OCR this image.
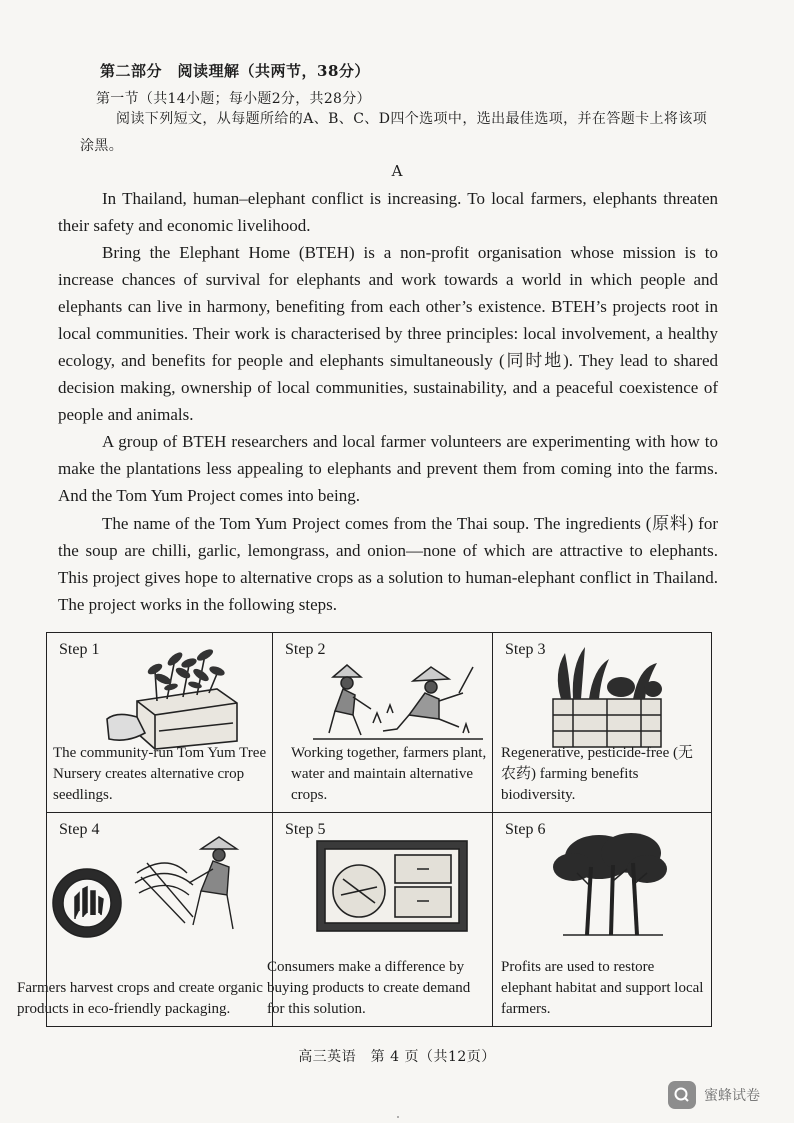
第二部分　阅读理解（共两节，38分）
第一节（共14小题；每小题2分，共28分）
阅读下列短文，从每题所给的A、B、C、D四个选项中，选出最佳选项，并在答题卡上将该项涂黑。
A
In Thailand, human–elephant conflict is increasing. To local farmers, elephants threaten their safety and economic livelihood.
Bring the Elephant Home (BTEH) is a non-profit organisation whose mission is to increase chances of survival for elephants and work towards a world in which people and elephants can live in harmony, benefiting from each other’s existence. BTEH’s projects root in local communities. Their work is characterised by three principles: local involvement, a healthy ecology, and benefits for people and elephants simultaneously (同时地). They lead to shared decision making, ownership of local communities, sustainability, and a peaceful coexistence of people and animals.
A group of BTEH researchers and local farmer volunteers are experimenting with how to make the plantations less appealing to elephants and prevent them from coming into the farms. And the Tom Yum Project comes into being.
The name of the Tom Yum Project comes from the Thai soup. The ingredients (原料) for the soup are chilli, garlic, lemongrass, and onion—none of which are attractive to elephants. This project gives hope to alternative crops as a solution to human-elephant conflict in Thailand. The project works in the following steps.
Step 1
The community-run Tom Yum Tree Nursery creates alternative crop seedlings.
Step 2
Working together, farmers plant, water and maintain alternative crops.
Step 3
Regenerative, pesticide-free (无农药) farming benefits biodiversity.
Step 4
Farmers harvest crops and create organic products in eco-friendly packaging.
Step 5
Consumers make a difference by buying products to create demand for this solution.
Step 6
Profits are used to restore elephant habitat and support local farmers.
高三英语　第 4 页（共12页）
蜜蜂试卷
